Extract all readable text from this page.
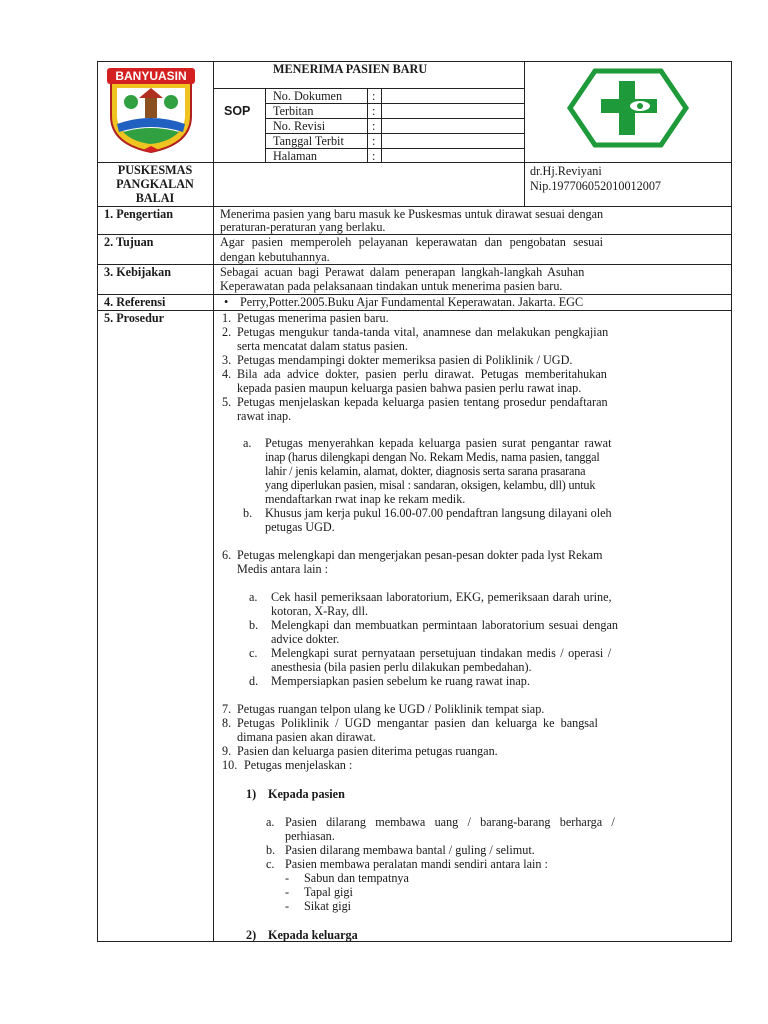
BANYUASIN	MENERIMA PASIEN BARU
SOP
No. Dokumen :
Terbitan	:
No. Revisi	:
Tanggal Terbit :
Halaman	:
PUSKESMAS
PANGKALAN
BALAI
dr.Hj.Reviyani
Nip.197706052010012007
1. Pengertian	Menerima pasien yang baru masuk ke Puskesmas untuk dirawat sesuai dengan
peraturan-peraturan yang berlaku.
2. Tujuan	Agar pasien memperoleh pelayanan keperawatan dan pengobatan sesuai
dengan kebutuhannya.
3. Kebijakan	Sebagai acuan bagi Perawat dalam penerapan langkah-langkah Asuhan
Keperawatan pada pelaksanaan tindakan untuk menerima pasien baru.
4. Referensi	• Perry,Potter.2005.Buku Ajar Fundamental Keperawatan. Jakarta. EGC
5. Prosedur	1. Petugas menerima pasien baru.
2. Petugas mengukur tanda-tanda vital, anamnese dan melakukan pengkajian
serta mencatat dalam status pasien.
3. Petugas mendampingi dokter memeriksa pasien di Poliklinik / UGD.
4. Bila ada advice dokter, pasien perlu dirawat. Petugas memberitahukan
kepada pasien maupun keluarga pasien bahwa pasien perlu rawat inap.
5. Petugas menjelaskan kepada keluarga pasien tentang prosedur pendaftaran
rawat inap.
a. Petugas menyerahkan kepada keluarga pasien surat pengantar rawat
inap (harus dilengkapi dengan No. Rekam Medis, nama pasien, tanggal
lahir / jenis kelamin, alamat, dokter, diagnosis serta sarana prasarana
yang diperlukan pasien, misal : sandaran, oksigen, kelambu, dll) untuk
mendaftarkan rwat inap ke rekam medik.
b. Khusus jam kerja pukul 16.00-07.00 pendaftran langsung dilayani oleh
petugas UGD.
6. Petugas melengkapi dan mengerjakan pesan-pesan dokter pada lyst Rekam
Medis antara lain :
a. Cek hasil pemeriksaan laboratorium, EKG, pemeriksaan darah urine,
kotoran, X-Ray, dll.
b. Melengkapi dan membuatkan permintaan laboratorium sesuai dengan
advice dokter.
c. Melengkapi surat pernyataan persetujuan tindakan medis / operasi /
anesthesia (bila pasien perlu dilakukan pembedahan).
d. Mempersiapkan pasien sebelum ke ruang rawat inap.
7. Petugas ruangan telpon ulang ke UGD / Poliklinik tempat siap.
8. Petugas Poliklinik / UGD mengantar pasien dan keluarga ke bangsal
dimana pasien akan dirawat.
9. Pasien dan keluarga pasien diterima petugas ruangan.
10. Petugas menjelaskan :
1) Kepada pasien
a. Pasien dilarang membawa uang / barang-barang berharga /
perhiasan.
b. Pasien dilarang membawa bantal / guling / selimut.
c. Pasien membawa peralatan mandi sendiri antara lain :
- Sabun dan tempatnya
- Tapal gigi
- Sikat gigi
2) Kepada keluarga
